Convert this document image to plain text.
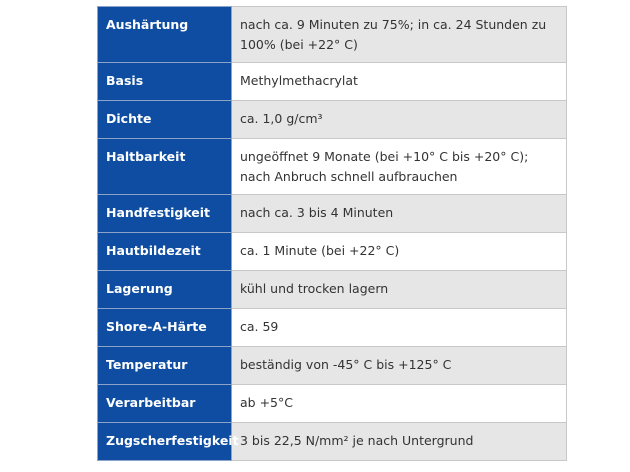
Aushärtung	nach ca. 9 Minuten zu 75%; in ca. 24 Stunden zu 100% (bei +22° C)
Basis	Methylmethacrylat
Dichte	ca. 1,0 g/cm³
Haltbarkeit	ungeöffnet 9 Monate (bei +10° C bis +20° C); nach Anbruch schnell aufbrauchen
Handfestigkeit	nach ca. 3 bis 4 Minuten
Hautbildezeit	ca. 1 Minute (bei +22° C)
Lagerung	kühl und trocken lagern
Shore-A-Härte	ca. 59
Temperatur	beständig von -45° C bis +125° C
Verarbeitbar	ab +5°C
Zugscherfestigkeit	3 bis 22,5 N/mm² je nach Untergrund
